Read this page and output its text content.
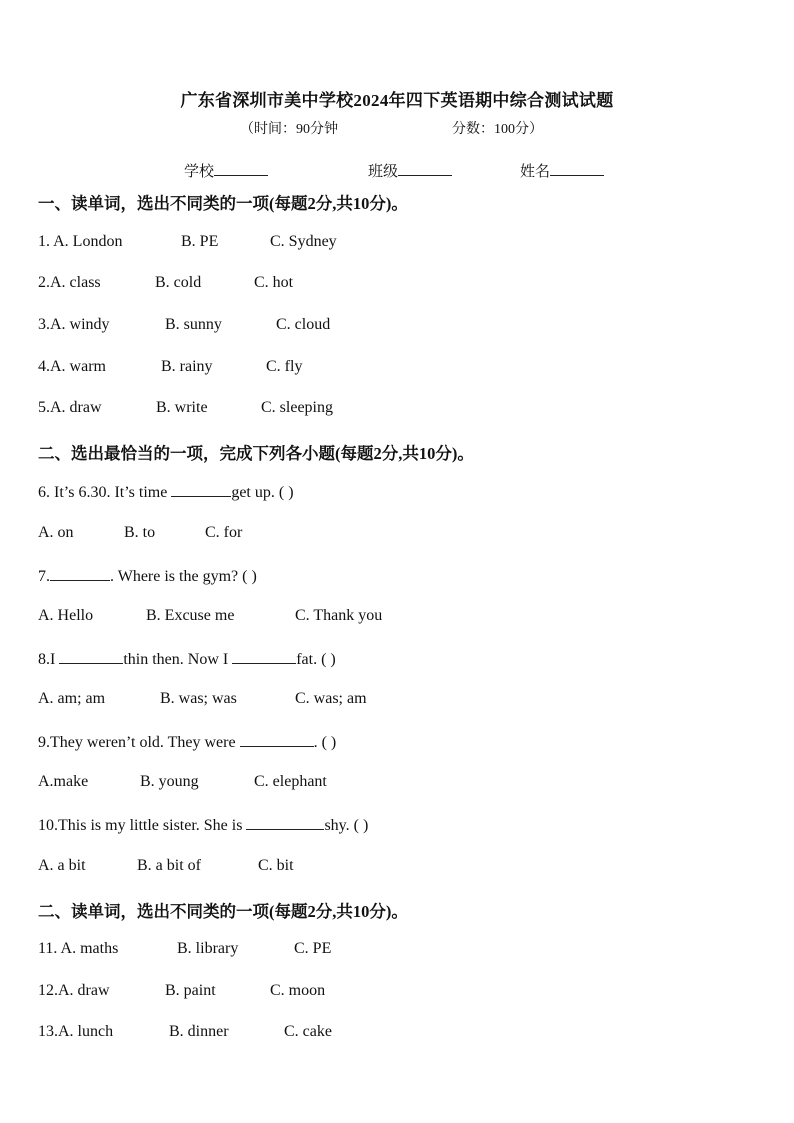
广东省深圳市美中学校2024年四下英语期中综合测试试题
（时间：90分钟	分数：100分）
学校	班级	姓名
一、读单词，选出不同类的一项(每题2分,共10分)。
1. A. London	B. PE	C. Sydney
2.A. class	B. cold	C. hot
3.A. windy	B. sunny	C. cloud
4.A. warm	B. rainy	C. fly
5.A. draw	B. write	C. sleeping
二、选出最恰当的一项，完成下列各小题(每题2分,共10分)。
6. It’s 6.30. It’s time	get up. ( )
A. on	B. to	C. for
7.	. Where is the gym? ( )
A. Hello	B. Excuse me	C. Thank you
8.I	thin then. Now I	fat. ( )
A. am; am	B. was; was	C. was; am
9.They weren’t old. They were	. ( )
A.make	B. young	C. elephant
10.This is my little sister. She is	shy. ( )
A. a bit	B. a bit of	C. bit
二、读单词，选出不同类的一项(每题2分,共10分)。
11. A. maths	B. library	C. PE
12.A. draw	B. paint	C. moon
13.A. lunch	B. dinner	C. cake
